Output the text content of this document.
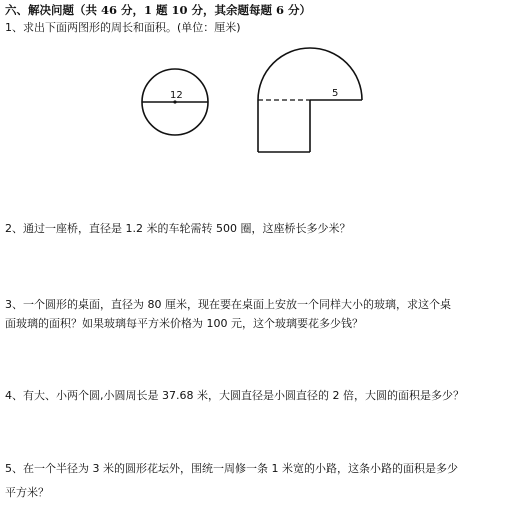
六、解决问题（共 46 分，1 题 10 分，其余题每题 6 分）
1、求出下面两图形的周长和面积。(单位：厘米)
12	5
2、通过一座桥，直径是 1.2 米的车轮需转 500 圈，这座桥长多少米？
3、一个圆形的桌面，直径为 80 厘米，现在要在桌面上安放一个同样大小的玻璃，求这个桌
面玻璃的面积？如果玻璃每平方米价格为 100 元，这个玻璃要花多少钱？
4、有大、小两个圆,小圆周长是 37.68 米，大圆直径是小圆直径的 2 倍，大圆的面积是多少？
5、在一个半径为 3 米的圆形花坛外，围统一周修一条 1 米宽的小路，这条小路的面积是多少
平方米？
